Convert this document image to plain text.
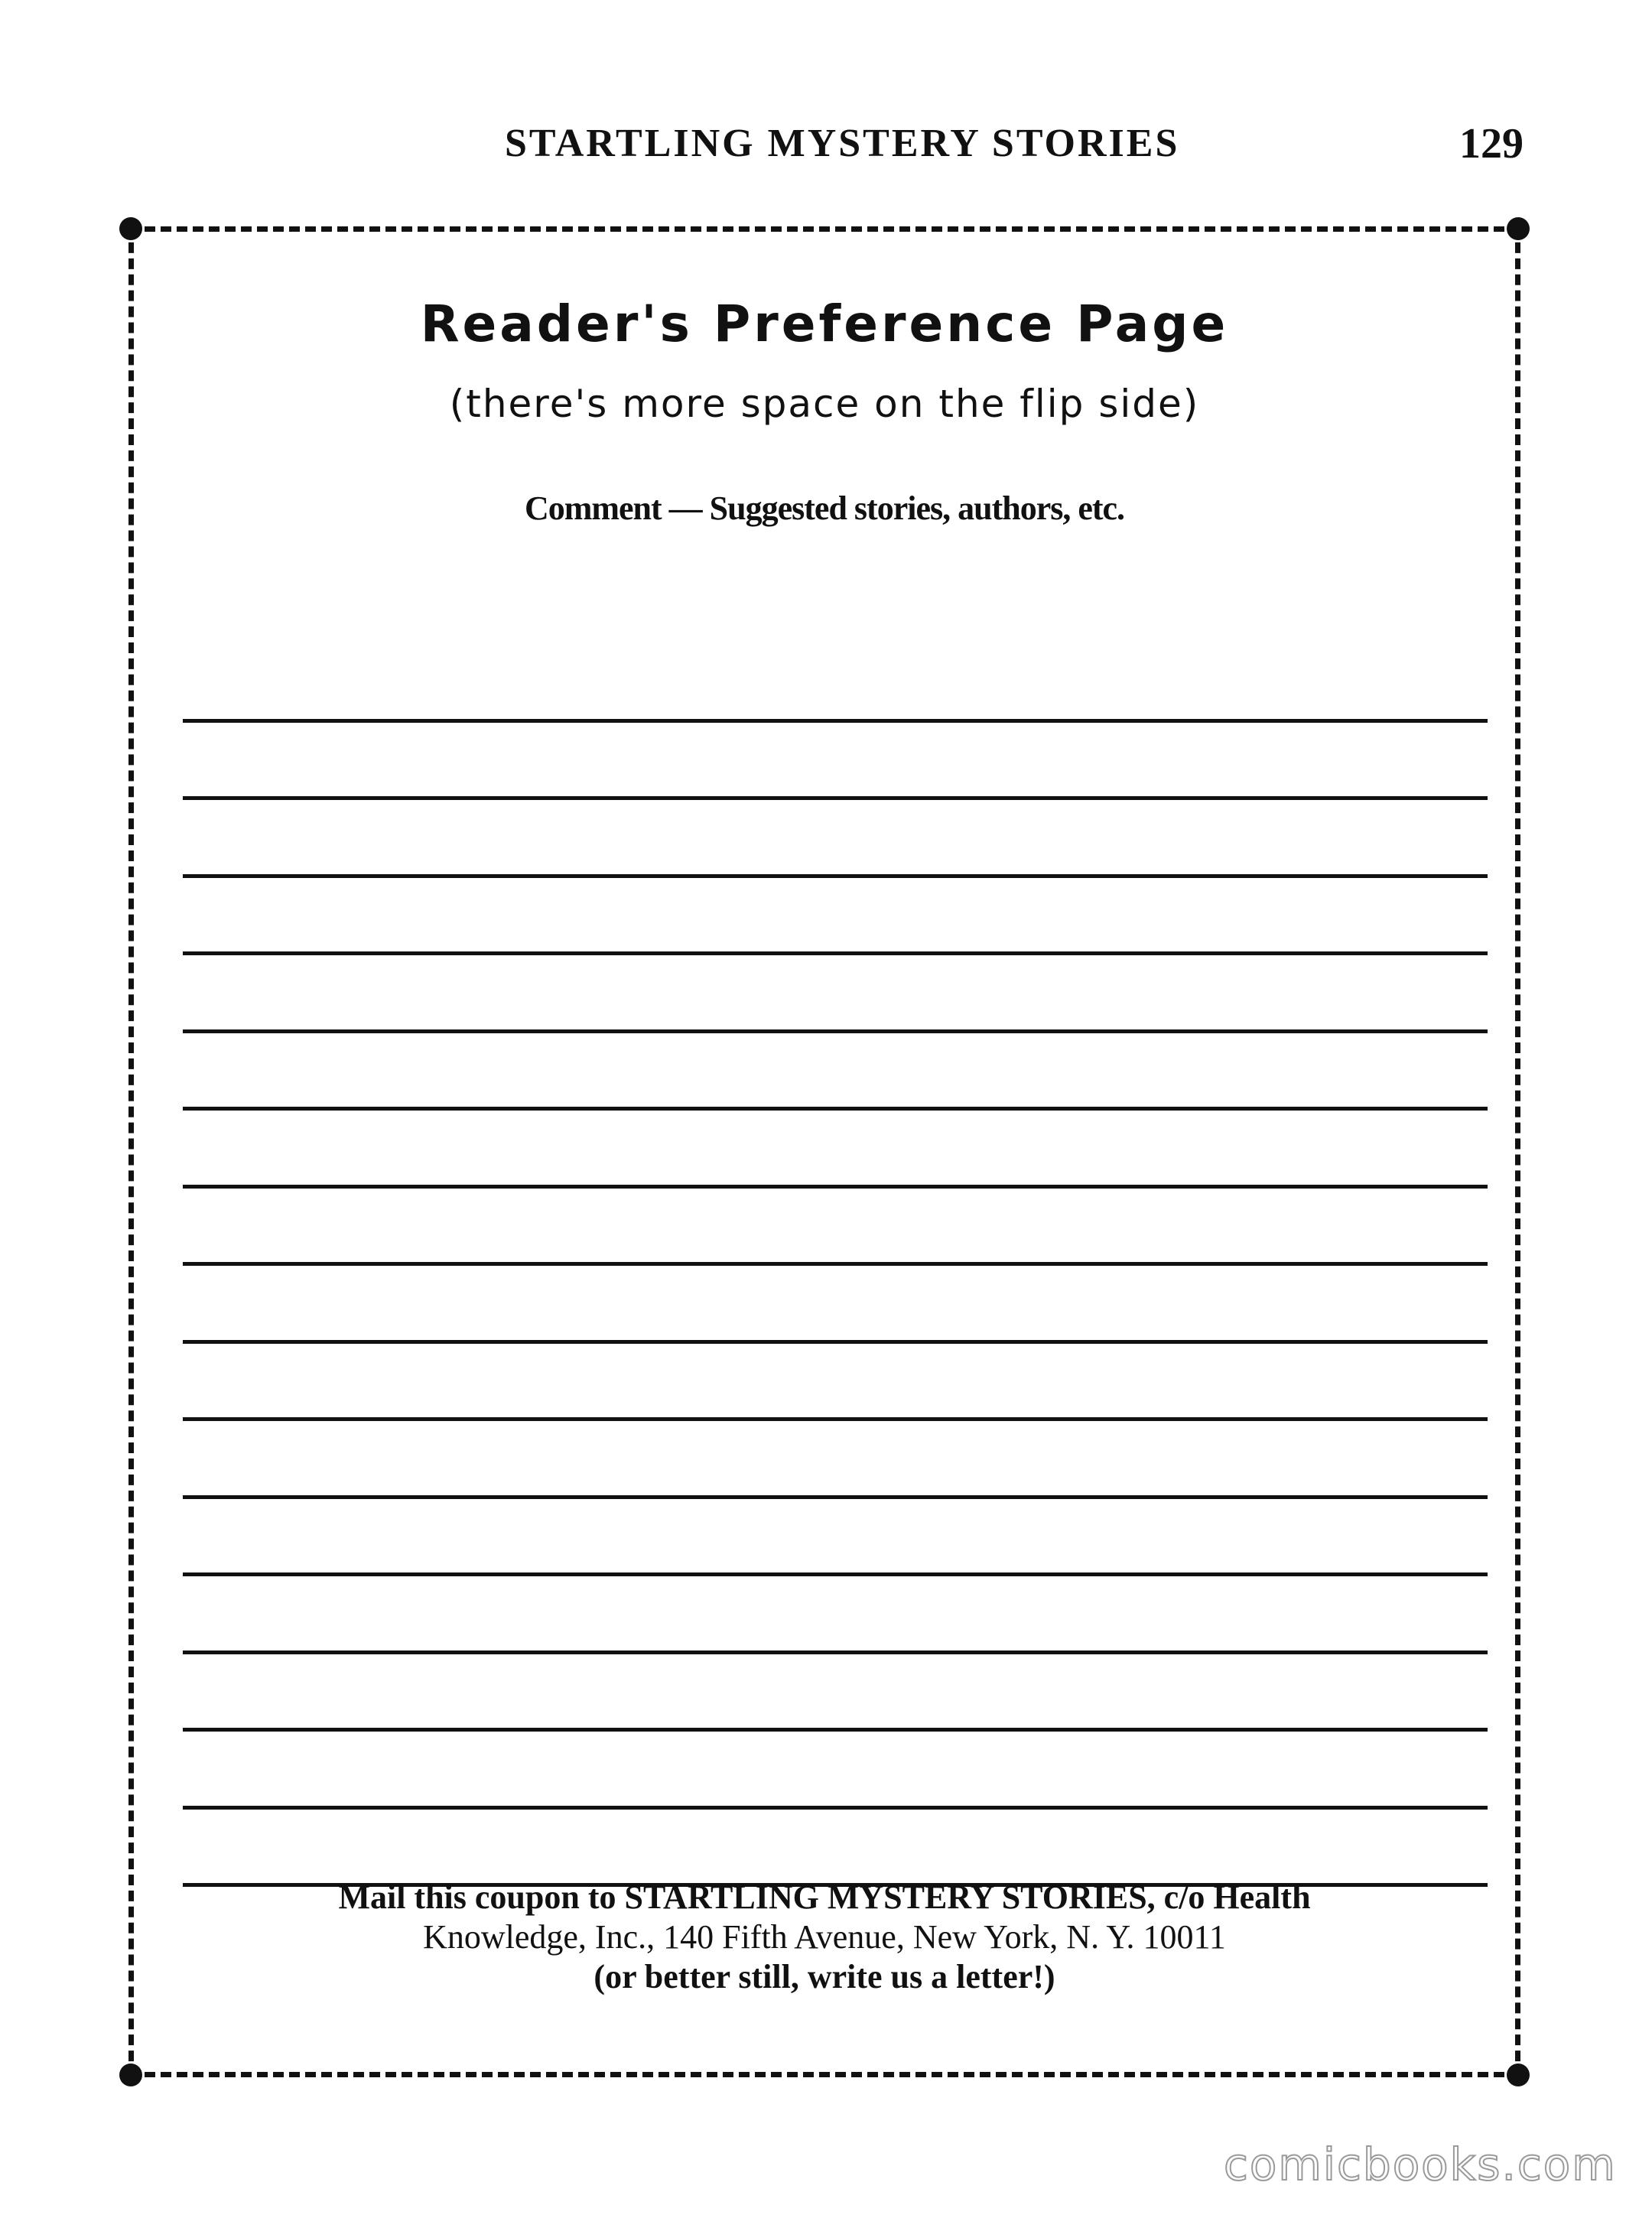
STARTLING MYSTERY STORIES	129
Reader's Preference Page
(there's more space on the flip side)
Comment — Suggested stories, authors, etc.
Mail this coupon to STARTLING MYSTERY STORIES, c/o Health
Knowledge, Inc., 140 Fifth Avenue, New York, N. Y. 10011
(or better still, write us a letter!)
comicbooks.com
